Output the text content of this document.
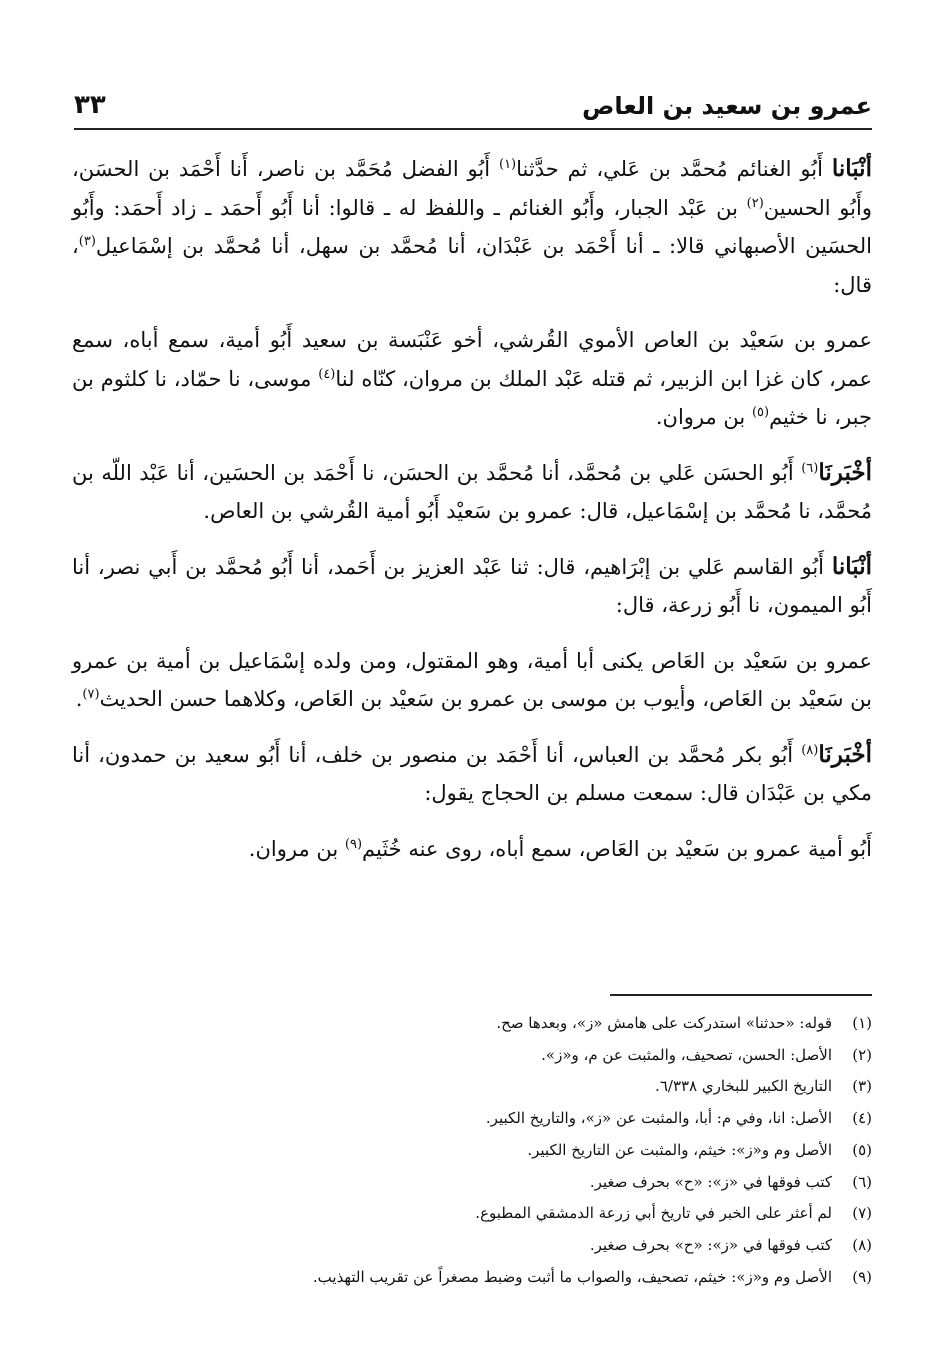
عمرو بن سعيد بن العاص
٣٣

أنْبَانا أَبُو الغنائم مُحمَّد بن عَلي، ثم حدَّثنا$^{(١)}$ أَبُو الفضل مُحَمَّد بن ناصر، أَنا أَحْمَد بن الحسَن، وأَبُو الحسين$^{(٢)}$ بن عَبْد الجبار، وأَبُو الغنائم ـ واللفظ له ـ قالوا: أنا أَبُو أَحمَد ـ زاد أَحمَد: وأَبُو الحسَين الأصبهاني قالا: ـ أنا أَحْمَد بن عَبْدَان، أنا مُحمَّد بن سهل، أنا مُحمَّد بن إسْمَاعيل$^{(٣)}$، قال:

عمرو بن سَعيْد بن العاص الأموي القُرشي، أخو عَنْبَسة بن سعيد أَبُو أمية، سمع أباه، سمع عمر، كان غزا ابن الزبير، ثم قتله عَبْد الملك بن مروان، كنّاه لنا$^{(٤)}$ موسى، نا حمّاد، نا كلثوم بن جبر، نا خثيم$^{(٥)}$ بن مروان.

أخْبَرنَا$^{(٦)}$ أَبُو الحسَن عَلي بن مُحمَّد، أنا مُحمَّد بن الحسَن، نا أَحْمَد بن الحسَين، أنا عَبْد اللّه بن مُحمَّد، نا مُحمَّد بن إسْمَاعيل، قال: عمرو بن سَعيْد أَبُو أمية القُرشي بن العاص.

أنْبَانا أَبُو القاسم عَلي بن إبْرَاهيم، قال: ثنا عَبْد العزيز بن أَحَمد، أنا أَبُو مُحمَّد بن أَبي نصر، أنا أَبُو الميمون، نا أَبُو زرعة، قال:

عمرو بن سَعيْد بن العَاص يكنى أبا أمية، وهو المقتول، ومن ولده إسْمَاعيل بن أمية بن عمرو بن سَعيْد بن العَاص، وأيوب بن موسى بن عمرو بن سَعيْد بن العَاص، وكلاهما حسن الحديث$^{(٧)}$.

أخْبَرنَا$^{(٨)}$ أَبُو بكر مُحمَّد بن العباس، أنا أَحْمَد بن منصور بن خلف، أنا أَبُو سعيد بن حمدون، أنا مكي بن عَبْدَان قال: سمعت مسلم بن الحجاج يقول:

أَبُو أمية عمرو بن سَعيْد بن العَاص، سمع أباه، روى عنه خُثَيم$^{(٩)}$ بن مروان.

(١)قوله: «حدثنا» استدركت على هامش «ز»، وبعدها صح.
(٢)الأصل: الحسن، تصحيف، والمثبت عن م، و«ز».
(٣)التاريخ الكبير للبخاري ٦/٣٣٨.
(٤)الأصل: انا، وفي م: أبا، والمثبت عن «ز»، والتاريخ الكبير.
(٥)الأصل وم و«ز»: خيثم، والمثبت عن التاريخ الكبير.
(٦)كتب فوقها في «ز»: «ح» بحرف صغير.
(٧)لم أعثر على الخبر في تاريخ أبي زرعة الدمشقي المطبوع.
(٨)كتب فوقها في «ز»: «ح» بحرف صغير.
(٩)الأصل وم و«ز»: خيثم، تصحيف، والصواب ما أثبت وضبط مصغراً عن تقريب التهذيب.
